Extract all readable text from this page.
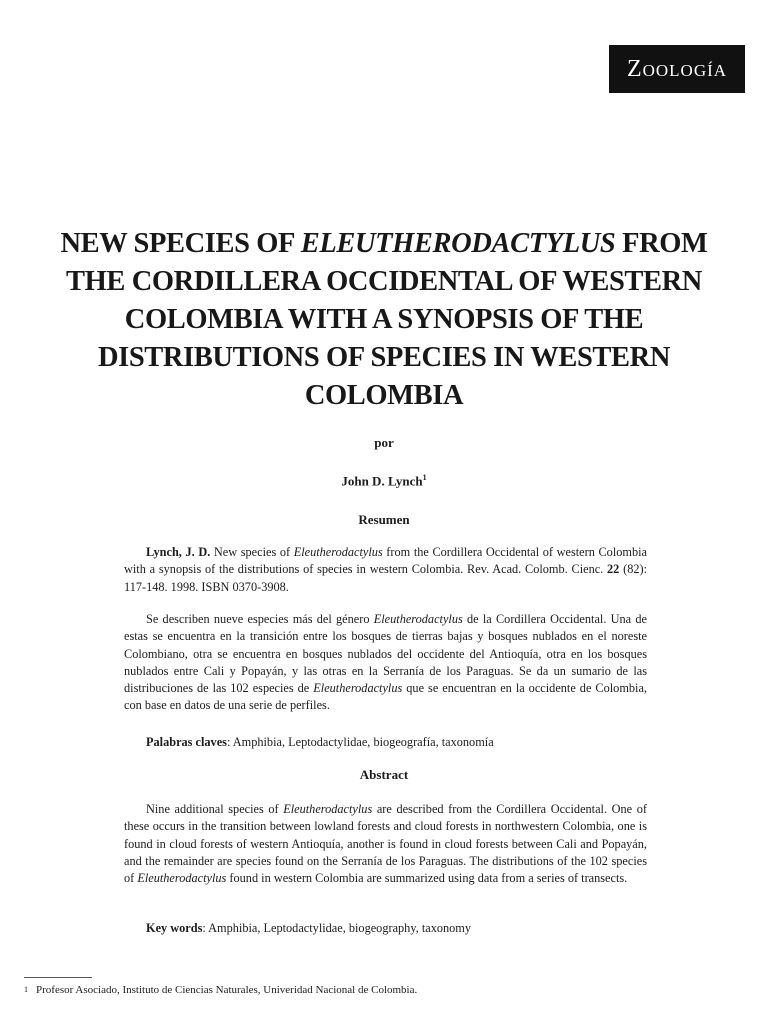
Zoología
NEW SPECIES OF ELEUTHERODACTYLUS FROM THE CORDILLERA OCCIDENTAL OF WESTERN COLOMBIA WITH A SYNOPSIS OF THE DISTRIBUTIONS OF SPECIES IN WESTERN COLOMBIA

por

John D. Lynch$^1$

Resumen

Lynch, J. D. New species of Eleutherodactylus from the Cordillera Occidental of western Colombia with a synopsis of the distributions of species in western Colombia. Rev. Acad. Colomb. Cienc. 22 (82): 117-148. 1998. ISBN 0370-3908.

Se describen nueve especies más del género Eleutherodactylus de la Cordillera Occidental. Una de estas se encuentra en la transición entre los bosques de tierras bajas y bosques nublados en el noreste Colombiano, otra se encuentra en bosques nublados del occidente del Antioquía, otra en los bosques nublados entre Cali y Popayán, y las otras en la Serranía de los Paraguas. Se da un sumario de las distribuciones de las 102 especies de Eleutherodactylus que se encuentran en la occidente de Colombia, con base en datos de una serie de perfiles.

Palabras claves: Amphibia, Leptodactylidae, biogeografía, taxonomía

Abstract

Nine additional species of Eleutherodactylus are described from the Cordillera Occidental. One of these occurs in the transition between lowland forests and cloud forests in northwestern Colombia, one is found in cloud forests of western Antioquía, another is found in cloud forests between Cali and Popayán, and the remainder are species found on the Serranía de los Paraguas. The distributions of the 102 species of Eleutherodactylus found in western Colombia are summarized using data from a series of transects.

Key words: Amphibia, Leptodactylidae, biogeography, taxonomy

1 Profesor Asociado, Instituto de Ciencias Naturales, Univeridad Nacional de Colombia.
